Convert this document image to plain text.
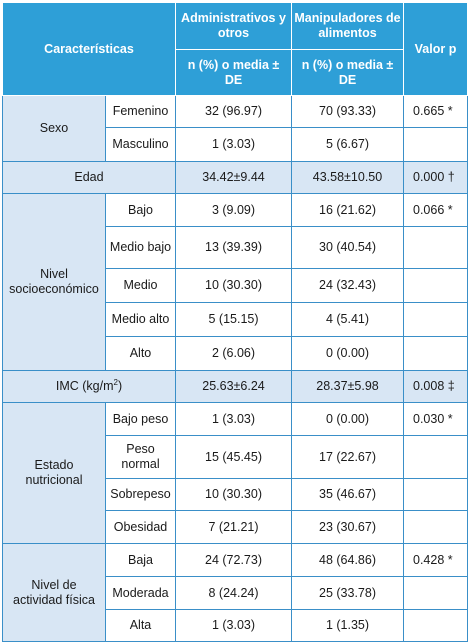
Características		Administrativos y otros	Manipuladores de alimentos	Valor p
		n (%) o media ± DE	n (%) o media ± DE	
Sexo	Femenino	32 (96.97)	70 (93.33)	0.665 *
	Masculino	1 (3.03)	5 (6.67)	
Edad		34.42±9.44	43.58±10.50	0.000 †
Nivel socioeconómico	Bajo	3 (9.09)	16 (21.62)	0.066 *
	Medio bajo	13 (39.39)	30 (40.54)	
	Medio	10 (30.30)	24 (32.43)	
	Medio alto	5 (15.15)	4 (5.41)	
	Alto	2 (6.06)	0 (0.00)	
IMC $(kg/m^2)$		25.63±6.24	28.37±5.98	0.008 ‡
Estado nutricional	Bajo peso	1 (3.03)	0 (0.00)	0.030 *
	Peso normal	15 (45.45)	17 (22.67)	
	Sobrepeso	10 (30.30)	35 (46.67)	
	Obesidad	7 (21.21)	23 (30.67)	
Nivel de actividad física	Baja	24 (72.73)	48 (64.86)	0.428 *
	Moderada	8 (24.24)	25 (33.78)	
	Alta	1 (3.03)	1 (1.35)	
